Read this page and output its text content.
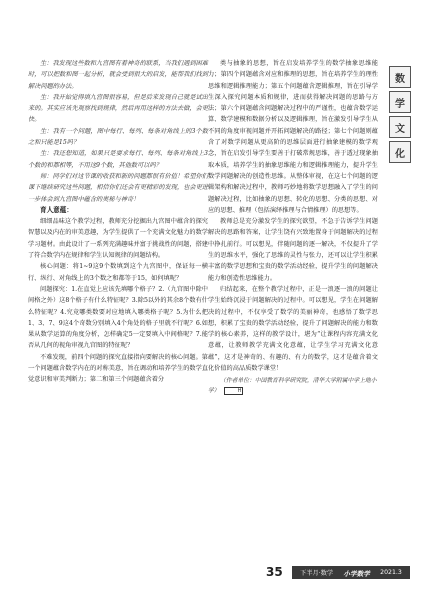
生：我发现这些数和九宫图有着神奇的联系，当我们遇到困难时，可以把数和图一起分析，就会受到很大的启发，能帮我们找到解决问题的办法。

生：我开始觉得填九宫图很容易，但是后来发现自己就是试出来的。其实应该先观察找到规律，然后再用这样的方法去做，会更快。

生：我有一个问题，图中每行、每列、每条对角线上的3个数之和只能是15吗？

生：我还想知道，如果只是要求每行、每列、每条对角线上3个数的和都相等，不用这9个数，其他数可以吗？

师：同学们对这节课的收获和新的问题都很有价值！希望你们课下继续研究这些问题，相信你们还会有更精彩的发现，也会更进一步体会到九宫图中蕴含的奥秘与神奇！

育人意蕴：

细细品味这个教学过程，教师充分挖掘出九宫图中蕴含的探究智慧以及内在的审美意趣，为学生提供了一个充满文化魅力的数学学习题材。由此设计了一系列充满趣味并富于挑战性的问题，搭建了符合数学内在规律和学生认知规律的问题结构。

核心问题：将1~9这9个数填到这个九宫图中，保证每一横行、纵行、对角线上的3个数之和都等于15，如何填呢？

问题探究：1.在直觉上应该先填哪个格子？2.（九宫图中除中间格之外）这8个格子有什么特征呢？3.除5以外的其余8个数有什么特征呢？4.究竟哪类数要对应地填入哪类格子呢？5.为什么把1、3、7、9这4个奇数分别填入4个角处的格子里就不行呢？6.如果从数学运算的角度分析，怎样确定5一定要填入中间格呢？7.能否从几何的视角审视九宫图的特征呢？

不难发现，前四个问题的探究直接指向要解决的核心问题。第一个问题蕴含数学内在的对称美意，旨在调动和培养学生的数学直觉意识和审美判断力；第二和第三个问题蕴含着分

类与抽象的思想，旨在启发培养学生的数学抽象思维能力；第四个问题蕴含对应和推理的思想，旨在培养学生的理性思维和逻辑推理能力；第五个问题蕴含逻辑推理，旨在引导学生深入探究问题本质和规律，进而获得解决问题的思路与方法；第六个问题蕴含问题解决过程中的严谨性，也蕴含数学运算、数学建模和数据分析以及逻辑推理，旨在激发引导学生从不同的角度审视问题并开拓问题解决的路径；第七个问题则蕴含了对数学问题从更高阶的思维层面进行抽象建模的数学观念，旨在启发引导学生要善于打破常规思维，善于透过现象抽取本质，培养学生的抽象思维能力和逻辑推理能力，提升学生数学问题解决的创造性思维。从整体审视，在这七个问题的逻辑架构和解决过程中，教师巧妙地将数学思想融入了学生的问题解决过程，比如抽象的思想、转化的思想、分类的思想、对应的思想、推理（包括演绎推理与合情推理）的思想等。

教师总是充分激发学生的探究欲望，不急于告诉学生问题解决的思路和答案，让学生饶有兴致地置身于问题解决的过程中挣扎前行。可以想见，伴随问题的逐一解决，不仅提升了学生的思维水平，强化了思维的灵性与张力，还可以让学生积累丰富的数学思想和宝贵的数学活动经验，提升学生的问题解决能力和创造性思维能力。

归结起来，在整个教学过程中，正是一浪逐一浪的问题让学生始终沉浸于问题解决的过程中。可以想见，学生在问题解决的过程中，不仅享受了数学的美丽神奇，也感悟了数学思想，积累了宝贵的数学活动经验，提升了问题解决的能力和数学的核心素养，这样的教学设计，堪为“让课程内容充满文化意蕴，让教师教学充满文化意蕴，让学生学习充满文化意蕴”，这才是神奇的、有趣的、有力的数学，这才是蕴含着文化价值的高品质数学课堂！

（作者单位：中国教育科学研究院，清华大学附属中学上地小学）	H

数
学
文
化
35	下半月·数学 小学数学 2021.3
